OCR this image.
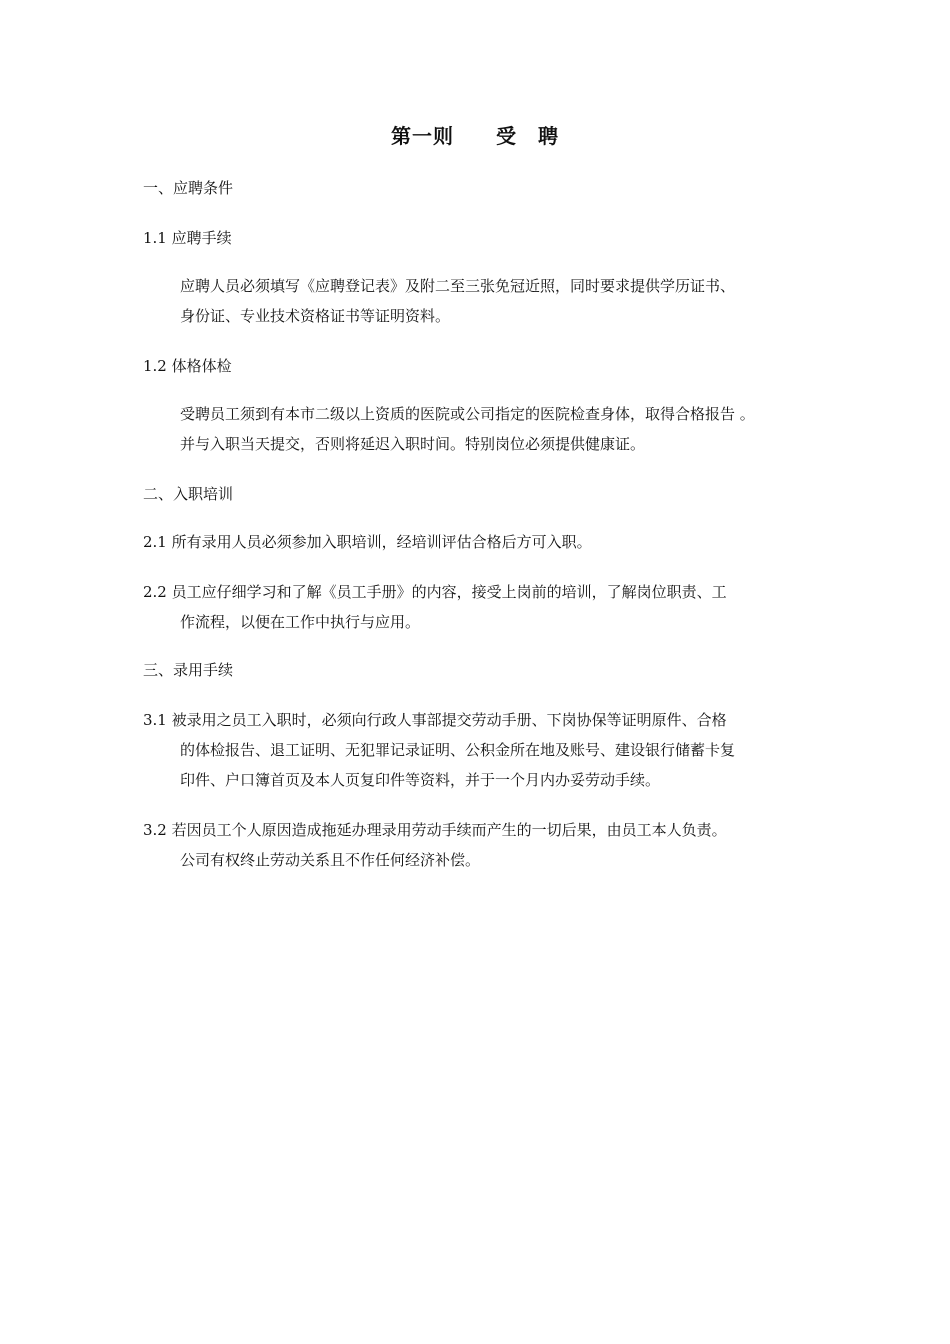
第一则　　受　聘
一、应聘条件
1.1 应聘手续
应聘人员必须填写《应聘登记表》及附二至三张免冠近照，同时要求提供学历证书、
身份证、专业技术资格证书等证明资料。
1.2 体格体检
受聘员工须到有本市二级以上资质的医院或公司指定的医院检查身体，取得合格报告 。
并与入职当天提交，否则将延迟入职时间。特别岗位必须提供健康证。
二、入职培训
2.1 所有录用人员必须参加入职培训，经培训评估合格后方可入职。
2.2 员工应仔细学习和了解《员工手册》的内容，接受上岗前的培训，了解岗位职责、工
作流程，以便在工作中执行与应用。
三、录用手续
3.1 被录用之员工入职时，必须向行政人事部提交劳动手册、下岗协保等证明原件、合格
的体检报告、退工证明、无犯罪记录证明、公积金所在地及账号、建设银行储蓄卡复
印件、户口簿首页及本人页复印件等资料，并于一个月内办妥劳动手续。
3.2 若因员工个人原因造成拖延办理录用劳动手续而产生的一切后果，由员工本人负责。
公司有权终止劳动关系且不作任何经济补偿。
